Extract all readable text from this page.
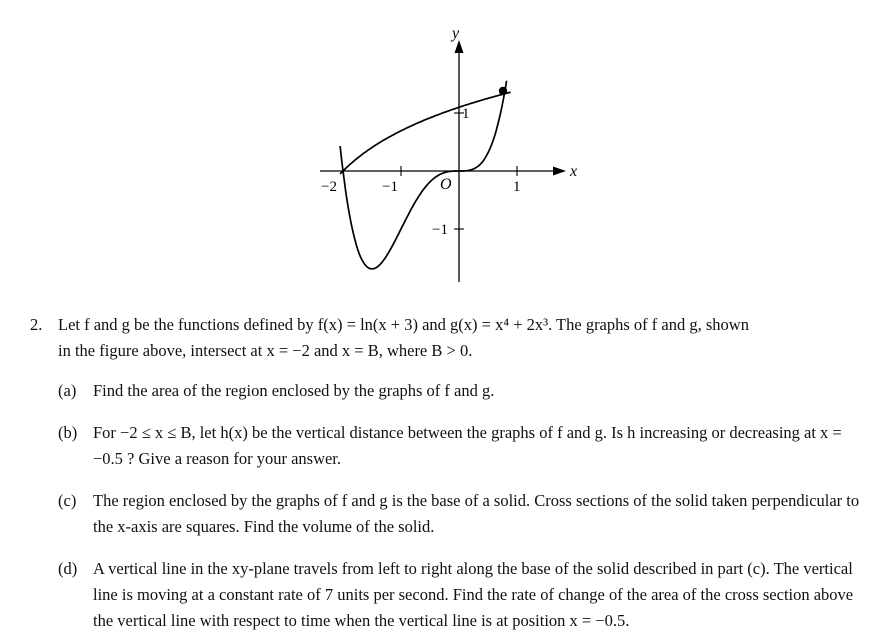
y
x
O
−2	−1	1
1
−1
2. Let f and g be the functions defined by f(x) = ln(x + 3) and g(x) = x⁴ + 2x³. The graphs of f and g, shown
in the figure above, intersect at x = −2 and x = B, where B > 0.
(a) Find the area of the region enclosed by the graphs of f and g.
(b) For −2 ≤ x ≤ B, let h(x) be the vertical distance between the graphs of f and g. Is h increasing or decreasing at x = −0.5 ? Give a reason for your answer.
(c) The region enclosed by the graphs of f and g is the base of a solid. Cross sections of the solid taken perpendicular to the x-axis are squares. Find the volume of the solid.
(d) A vertical line in the xy-plane travels from left to right along the base of the solid described in part (c). The vertical line is moving at a constant rate of 7 units per second. Find the rate of change of the area of the cross section above the vertical line with respect to time when the vertical line is at position x = −0.5.
